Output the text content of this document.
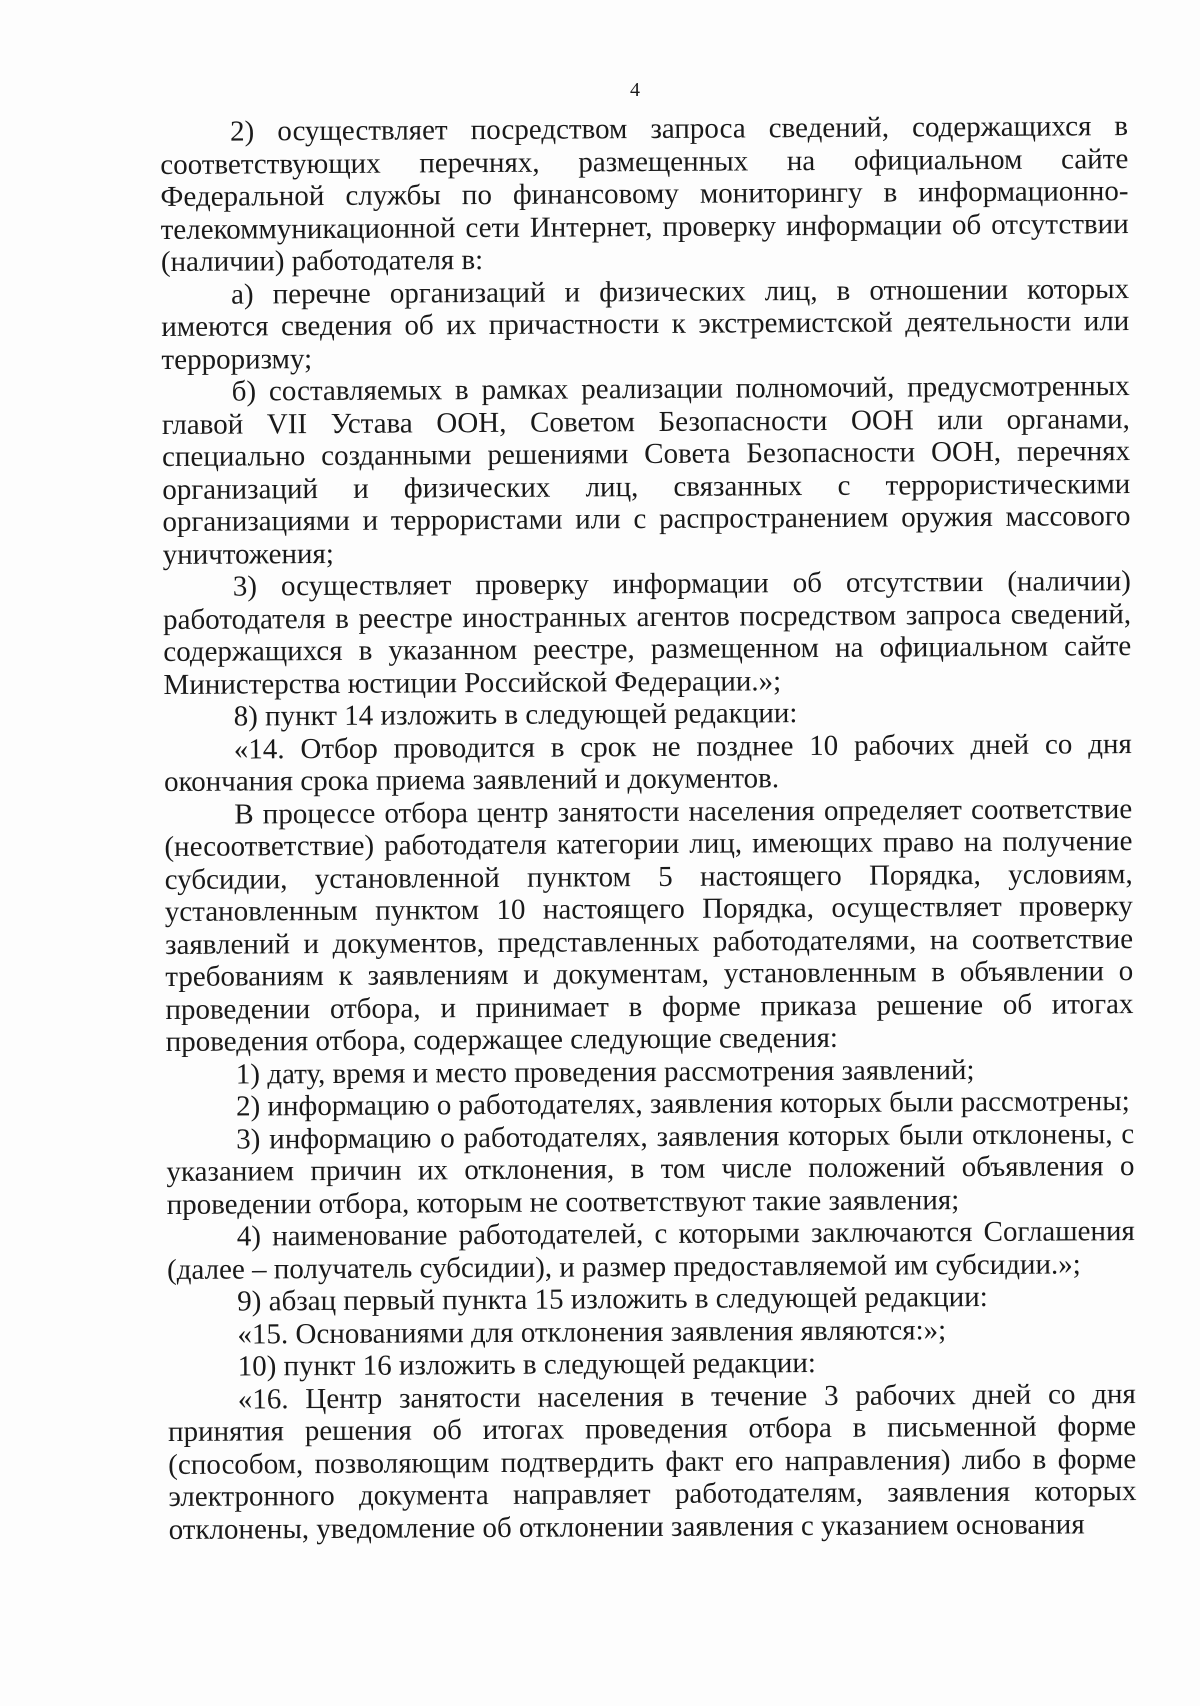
4

2) осуществляет посредством запроса сведений, содержащихся в соответствующих перечнях, размещенных на официальном сайте Федеральной службы по финансовому мониторингу в информационно-телекоммуникационной сети Интернет, проверку информации об отсутствии (наличии) работодателя в:

а) перечне организаций и физических лиц, в отношении которых имеются сведения об их причастности к экстремистской деятельности или терроризму;

б) составляемых в рамках реализации полномочий, предусмотренных главой VII Устава ООН, Советом Безопасности ООН или органами, специально созданными решениями Совета Безопасности ООН, перечнях организаций и физических лиц, связанных с террористическими организациями и террористами или с распространением оружия массового уничтожения;

3) осуществляет проверку информации об отсутствии (наличии) работодателя в реестре иностранных агентов посредством запроса сведений, содержащихся в указанном реестре, размещенном на официальном сайте Министерства юстиции Российской Федерации.»;

8) пункт 14 изложить в следующей редакции:

«14. Отбор проводится в срок не позднее 10 рабочих дней со дня окончания срока приема заявлений и документов.

В процессе отбора центр занятости населения определяет соответствие (несоответствие) работодателя категории лиц, имеющих право на получение субсидии, установленной пунктом 5 настоящего Порядка, условиям, установленным пунктом 10 настоящего Порядка, осуществляет проверку заявлений и документов, представленных работодателями, на соответствие требованиям к заявлениям и документам, установленным в объявлении о проведении отбора, и принимает в форме приказа решение об итогах проведения отбора, содержащее следующие сведения:

1) дату, время и место проведения рассмотрения заявлений;

2) информацию о работодателях, заявления которых были рассмотрены;

3) информацию о работодателях, заявления которых были отклонены, с указанием причин их отклонения, в том числе положений объявления о проведении отбора, которым не соответствуют такие заявления;

4) наименование работодателей, с которыми заключаются Соглашения (далее – получатель субсидии), и размер предоставляемой им субсидии.»;

9) абзац первый пункта 15 изложить в следующей редакции:

«15. Основаниями для отклонения заявления являются:»;

10) пункт 16 изложить в следующей редакции:

«16. Центр занятости населения в течение 3 рабочих дней со дня принятия решения об итогах проведения отбора в письменной форме (способом, позволяющим подтвердить факт его направления) либо в форме электронного документа направляет работодателям, заявления которых отклонены, уведомление об отклонении заявления с указанием основания
